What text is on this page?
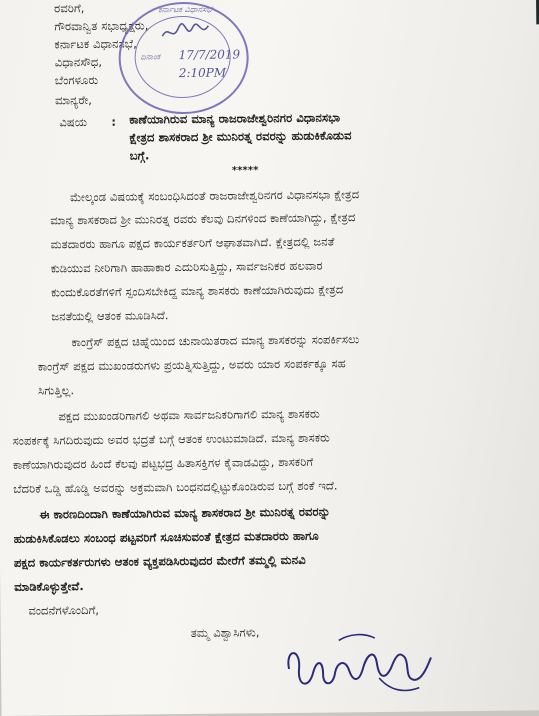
ರವರಿಗೆ,
ಗೌರವಾನ್ವಿತ ಸಭಾಧ್ಯಕ್ಷರು,
ಕರ್ನಾಟಕ ವಿಧಾನಸಭೆ,
ವಿಧಾನಸೌಧ,
ಬೆಂಗಳೂರು
ಮಾನ್ಯರೇ,
ಕರ್ನಾಟಕ ವಿಧಾನಸಭೆ
ದಿನಾಂಕ 17/7/2019
2:10PM
ವಿಷಯ : ಕಾಣೆಯಾಗಿರುವ ಮಾನ್ಯ ರಾಜರಾಜೇಶ್ವರಿನಗರ ವಿಧಾನಸಭಾ
ಕ್ಷೇತ್ರದ ಶಾಸಕರಾದ ಶ್ರೀ ಮುನಿರತ್ನ ರವರನ್ನು ಹುಡುಕಿಕೊಡುವ
ಬಗ್ಗೆ.
*****
ಮೇಲ್ಕಂಡ ವಿಷಯಕ್ಕೆ ಸಂಬಂಧಿಸಿದಂತೆ ರಾಜರಾಜೇಶ್ವರಿನಗರ ವಿಧಾನಸಭಾ ಕ್ಷೇತ್ರದ
ಮಾನ್ಯ ಶಾಸಕರಾದ ಶ್ರೀ ಮುನಿರತ್ನ ರವರು ಕೆಲವು ದಿನಗಳಿಂದ ಕಾಣೆಯಾಗಿದ್ದು, ಕ್ಷೇತ್ರದ
ಮತದಾರರು ಹಾಗೂ ಪಕ್ಷದ ಕಾರ್ಯಕರ್ತರಿಗೆ ಆಘಾತವಾಗಿದೆ. ಕ್ಷೇತ್ರದಲ್ಲಿ ಜನತೆ
ಕುಡಿಯುವ ನೀರಿಗಾಗಿ ಹಾಹಾಕಾರ ಎದುರಿಸುತ್ತಿದ್ದು, ಸಾರ್ವಜನಿಕರ ಹಲವಾರ
ಕುಂದುಕೊರತೆಗಳಿಗೆ ಸ್ಪಂದಿಸಬೇಕಿದ್ದ ಮಾನ್ಯ ಶಾಸಕರು ಕಾಣೆಯಾಗಿರುವುದು ಕ್ಷೇತ್ರದ
ಜನತೆಯಲ್ಲಿ ಆತಂಕ ಮೂಡಿಸಿದೆ.
ಕಾಂಗ್ರೆಸ್ ಪಕ್ಷದ ಚಿಹ್ನೆಯಿಂದ ಚುನಾಯಿತರಾದ ಮಾನ್ಯ ಶಾಸಕರನ್ನು ಸಂಪರ್ಕಿಸಲು
ಕಾಂಗ್ರೆಸ್ ಪಕ್ಷದ ಮುಖಂಡರುಗಳು ಪ್ರಯತ್ನಿಸುತ್ತಿದ್ದು, ಅವರು ಯಾರ ಸಂಪರ್ಕಕ್ಕೂ ಸಹ
ಸಿಗುತ್ತಿಲ್ಲ.
ಪಕ್ಷದ ಮುಖಂಡರಿಗಾಗಲಿ ಅಥವಾ ಸಾರ್ವಜನಿಕರಿಗಾಗಲಿ ಮಾನ್ಯ ಶಾಸಕರು
ಸಂಪರ್ಕಕ್ಕೆ ಸಿಗದಿರುವುದು ಅವರ ಭದ್ರತೆ ಬಗ್ಗೆ ಆತಂಕ ಉಂಟುಮಾಡಿದೆ. ಮಾನ್ಯ ಶಾಸಕರು
ಕಾಣೆಯಾಗಿರುವುದರ ಹಿಂದೆ ಕೆಲವು ಪಟ್ಟಭದ್ರ ಹಿತಾಸಕ್ತಿಗಳ ಕೈವಾಡವಿದ್ದು, ಶಾಸಕರಿಗೆ
ಬೆದರಿಕೆ ಒಡ್ಡಿ ಹೊಡ್ಡಿ ಅವರನ್ನು ಅಕ್ರಮವಾಗಿ ಬಂಧನದಲ್ಲಿಟ್ಟುಕೊಂಡಿರುವ ಬಗ್ಗೆ ಶಂಕೆ ಇದೆ.
ಈ ಕಾರಣದಿಂದಾಗಿ ಕಾಣೆಯಾಗಿರುವ ಮಾನ್ಯ ಶಾಸಕರಾದ ಶ್ರೀ ಮುನಿರತ್ನ ರವರನ್ನು
ಹುಡುಕಿಸಿಕೊಡಲು ಸಂಬಂಧ ಪಟ್ಟವರಿಗೆ ಸೂಚಿಸುವಂತೆ ಕ್ಷೇತ್ರದ ಮತದಾರರು ಹಾಗೂ
ಪಕ್ಷದ ಕಾರ್ಯಕರ್ತರುಗಳು ಆತಂಕ ವ್ಯಕ್ತಪಡಿಸಿರುವುದರ ಮೇರೆಗೆ ತಮ್ಮಲ್ಲಿ ಮನವಿ
ಮಾಡಿಕೊಳ್ಳುತ್ತೇವೆ.
ವಂದನೆಗಳೊಂದಿಗೆ,
ತಮ್ಮ ವಿಶ್ವಾಸಿಗಳು,
